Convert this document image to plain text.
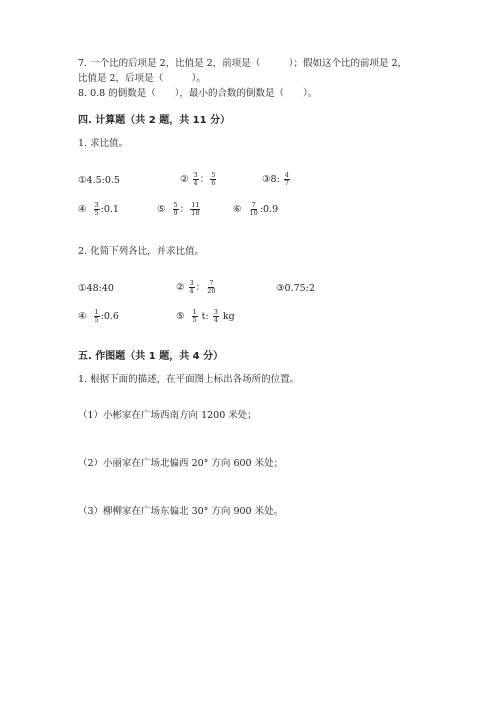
7. 一个比的后项是 2，比值是 2，前项是（　　　）；假如这个比的前项是 2，
比值是 2，后项是（　　　）。
8. 0.8 的倒数是（　　），最小的合数的倒数是（　　）。
四. 计算题（共 2 题，共 11 分）
1. 求比值。
① 4.5:0.5	② $\frac{3}{4}$ ： $\frac{5}{6}$	③ 8: $\frac{4}{7}$
④ $\frac{3}{5}$ :0.1	⑤ $\frac{5}{9}$ ： $\frac{11}{18}$	⑥ $\frac{7}{10}$ :0.9
2. 化简下列各比，并求比值。
① 48:40	② $\frac{3}{4}$ ： $\frac{7}{20}$	③ 0.75:2
④ $\frac{1}{5}$ :0.6	⑤ $\frac{1}{5} t$: $\frac{3}{4}$ kg
五. 作图题（共 1 题，共 4 分）
1. 根据下面的描述，在平面图上标出各场所的位置。
（1）小彬家在广场西南方向 1200 米处；
（2）小丽家在广场北偏西 20° 方向 600 米处；
（3）柳柳家在广场东偏北 30° 方向 900 米处。
